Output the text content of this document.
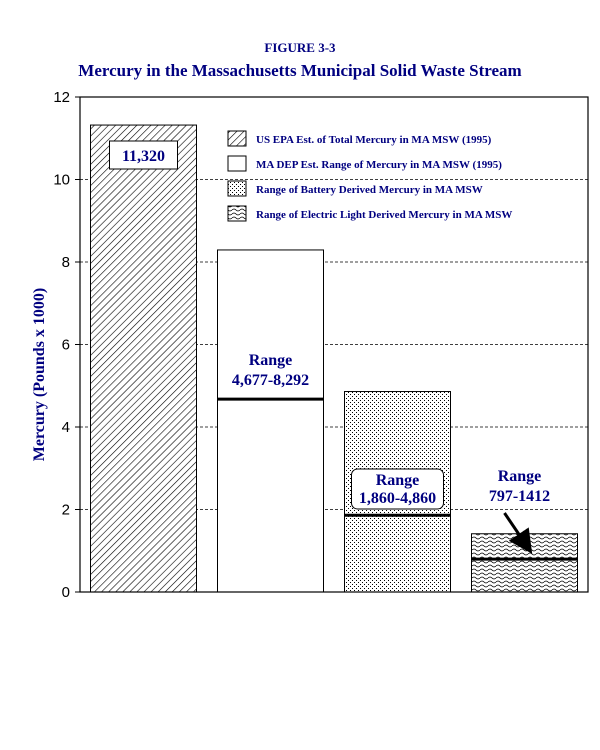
FIGURE 3-3
Mercury in the Massachusetts Municipal Solid Waste Stream
0
2
4
6
8
10
12
Mercury (Pounds x 1000)
US EPA Est. of Total Mercury in MA MSW (1995)
MA DEP Est. Range of Mercury in MA MSW (1995)
Range of Battery Derived Mercury in MA MSW
Range of Electric Light Derived Mercury in MA MSW
11,320
Range
4,677-8,292
Range
1,860-4,860
Range
797-1412
